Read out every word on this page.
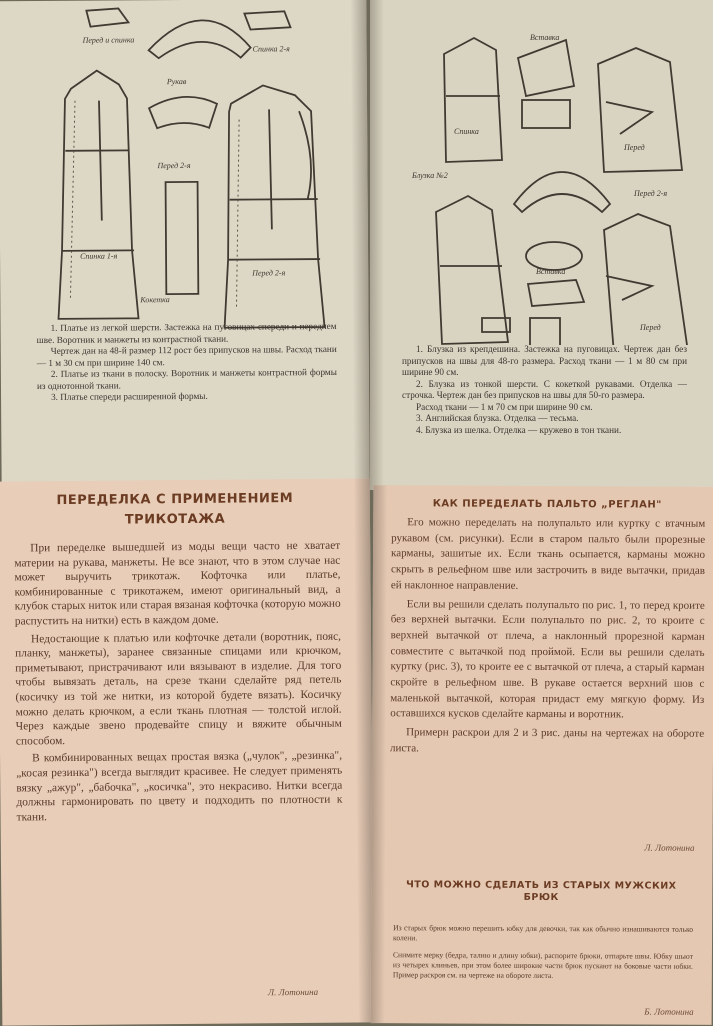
Перед и спинка
Спинка 2-я
Перед 2-я
Спинка 1-я
Перед 2-я
Рукав
Кокетка

1. Платье из легкой шерсти. Застежка на пуговицах спереди и переднем шве. Воротник и манжеты из контрастной ткани.

Чертеж дан на 48-й размер 112 рост без припусков на швы. Расход ткани — 1 м 30 см при ширине 140 см.

2. Платье из ткани в полоску. Воротник и манжеты контрастной формы из однотонной ткани.

3. Платье спереди расширенной формы.

Вставка
Блузка №2
Спинка
Перед
Перед 2-я
Вставка
Перед

1. Блузка из крепдешина. Застежка на пуговицах. Чертеж дан без припусков на швы для 48-го размера. Расход ткани — 1 м 80 см при ширине 90 см.

2. Блузка из тонкой шерсти. С кокеткой рукавами. Отделка — строчка. Чертеж дан без припусков на швы для 50-го размера.

Расход ткани — 1 м 70 см при ширине 90 см.

3. Английская блузка. Отделка — тесьма.

4. Блузка из шелка. Отделка — кружево в тон ткани.

ПЕРЕДЕЛКА С ПРИМЕНЕНИЕМ ТРИКОТАЖА

При переделке вышедшей из моды вещи часто не хватает материи на рукава, манжеты. Не все знают, что в этом случае нас может выручить трикотаж. Кофточка или платье, комбинированные с трикотажем, имеют оригинальный вид, а клубок старых ниток или старая вязаная кофточка (которую можно распустить на нитки) есть в каждом доме.

Недостающие к платью или кофточке детали (воротник, пояс, планку, манжеты), заранее связанные спицами или крючком, приметывают, пристрачивают или вязывают в изделие. Для того чтобы вывязать деталь, на срезе ткани сделайте ряд петель (косичку из той же нитки, из которой будете вязать). Косичку можно делать крючком, а если ткань плотная — толстой иглой. Через каждые звено продевайте спицу и вяжите обычным способом.

В комбинированных вещах простая вязка („чулок", „резинка", „косая резинка") всегда выглядит красивее. Не следует применять вязку „ажур", „бабочка", „косичка", это некрасиво. Нитки всегда должны гармонировать по цвету и подходить по плотности к ткани.

Л. Лотонина
КАК ПЕРЕДЕЛАТЬ ПАЛЬТО „РЕГЛАН"

Его можно переделать на полупальто или куртку с втачным рукавом (см. рисунки). Если в старом пальто были прорезные карманы, зашитые их. Если ткань осыпается, карманы можно скрыть в рельефном шве или застрочить в виде вытачки, придав ей наклонное направление.

Если вы решили сделать полупальто по рис. 1, то перед кроите без верхней вытачки. Если полупальто по рис. 2, то кроите с верхней вытачкой от плеча, а наклонный прорезной карман совместите с вытачкой под проймой. Если вы решили сделать куртку (рис. 3), то кроите ее с вытачкой от плеча, а старый карман скройте в рельефном шве. В рукаве остается верхний шов с маленькой вытачкой, которая придаст ему мягкую форму. Из оставшихся кусков сделайте карманы и воротник.

Примерн раскрои для 2 и 3 рис. даны на чертежах на обороте листа.

Л. Лотонина
ЧТО МОЖНО СДЕЛАТЬ ИЗ СТАРЫХ МУЖСКИХ БРЮК

Из старых брюк можно перешить юбку для девочки, так как обычно изнашиваются только колени.

Снимите мерку (бедра, талию и длину юбки), распорите брюки, отпарьте швы. Юбку шьют из четырех клиньев, при этом более широкие части брюк пускают на боковые части юбки. Пример раскроя см. на чертеже на обороте листа.

Б. Лотонина
